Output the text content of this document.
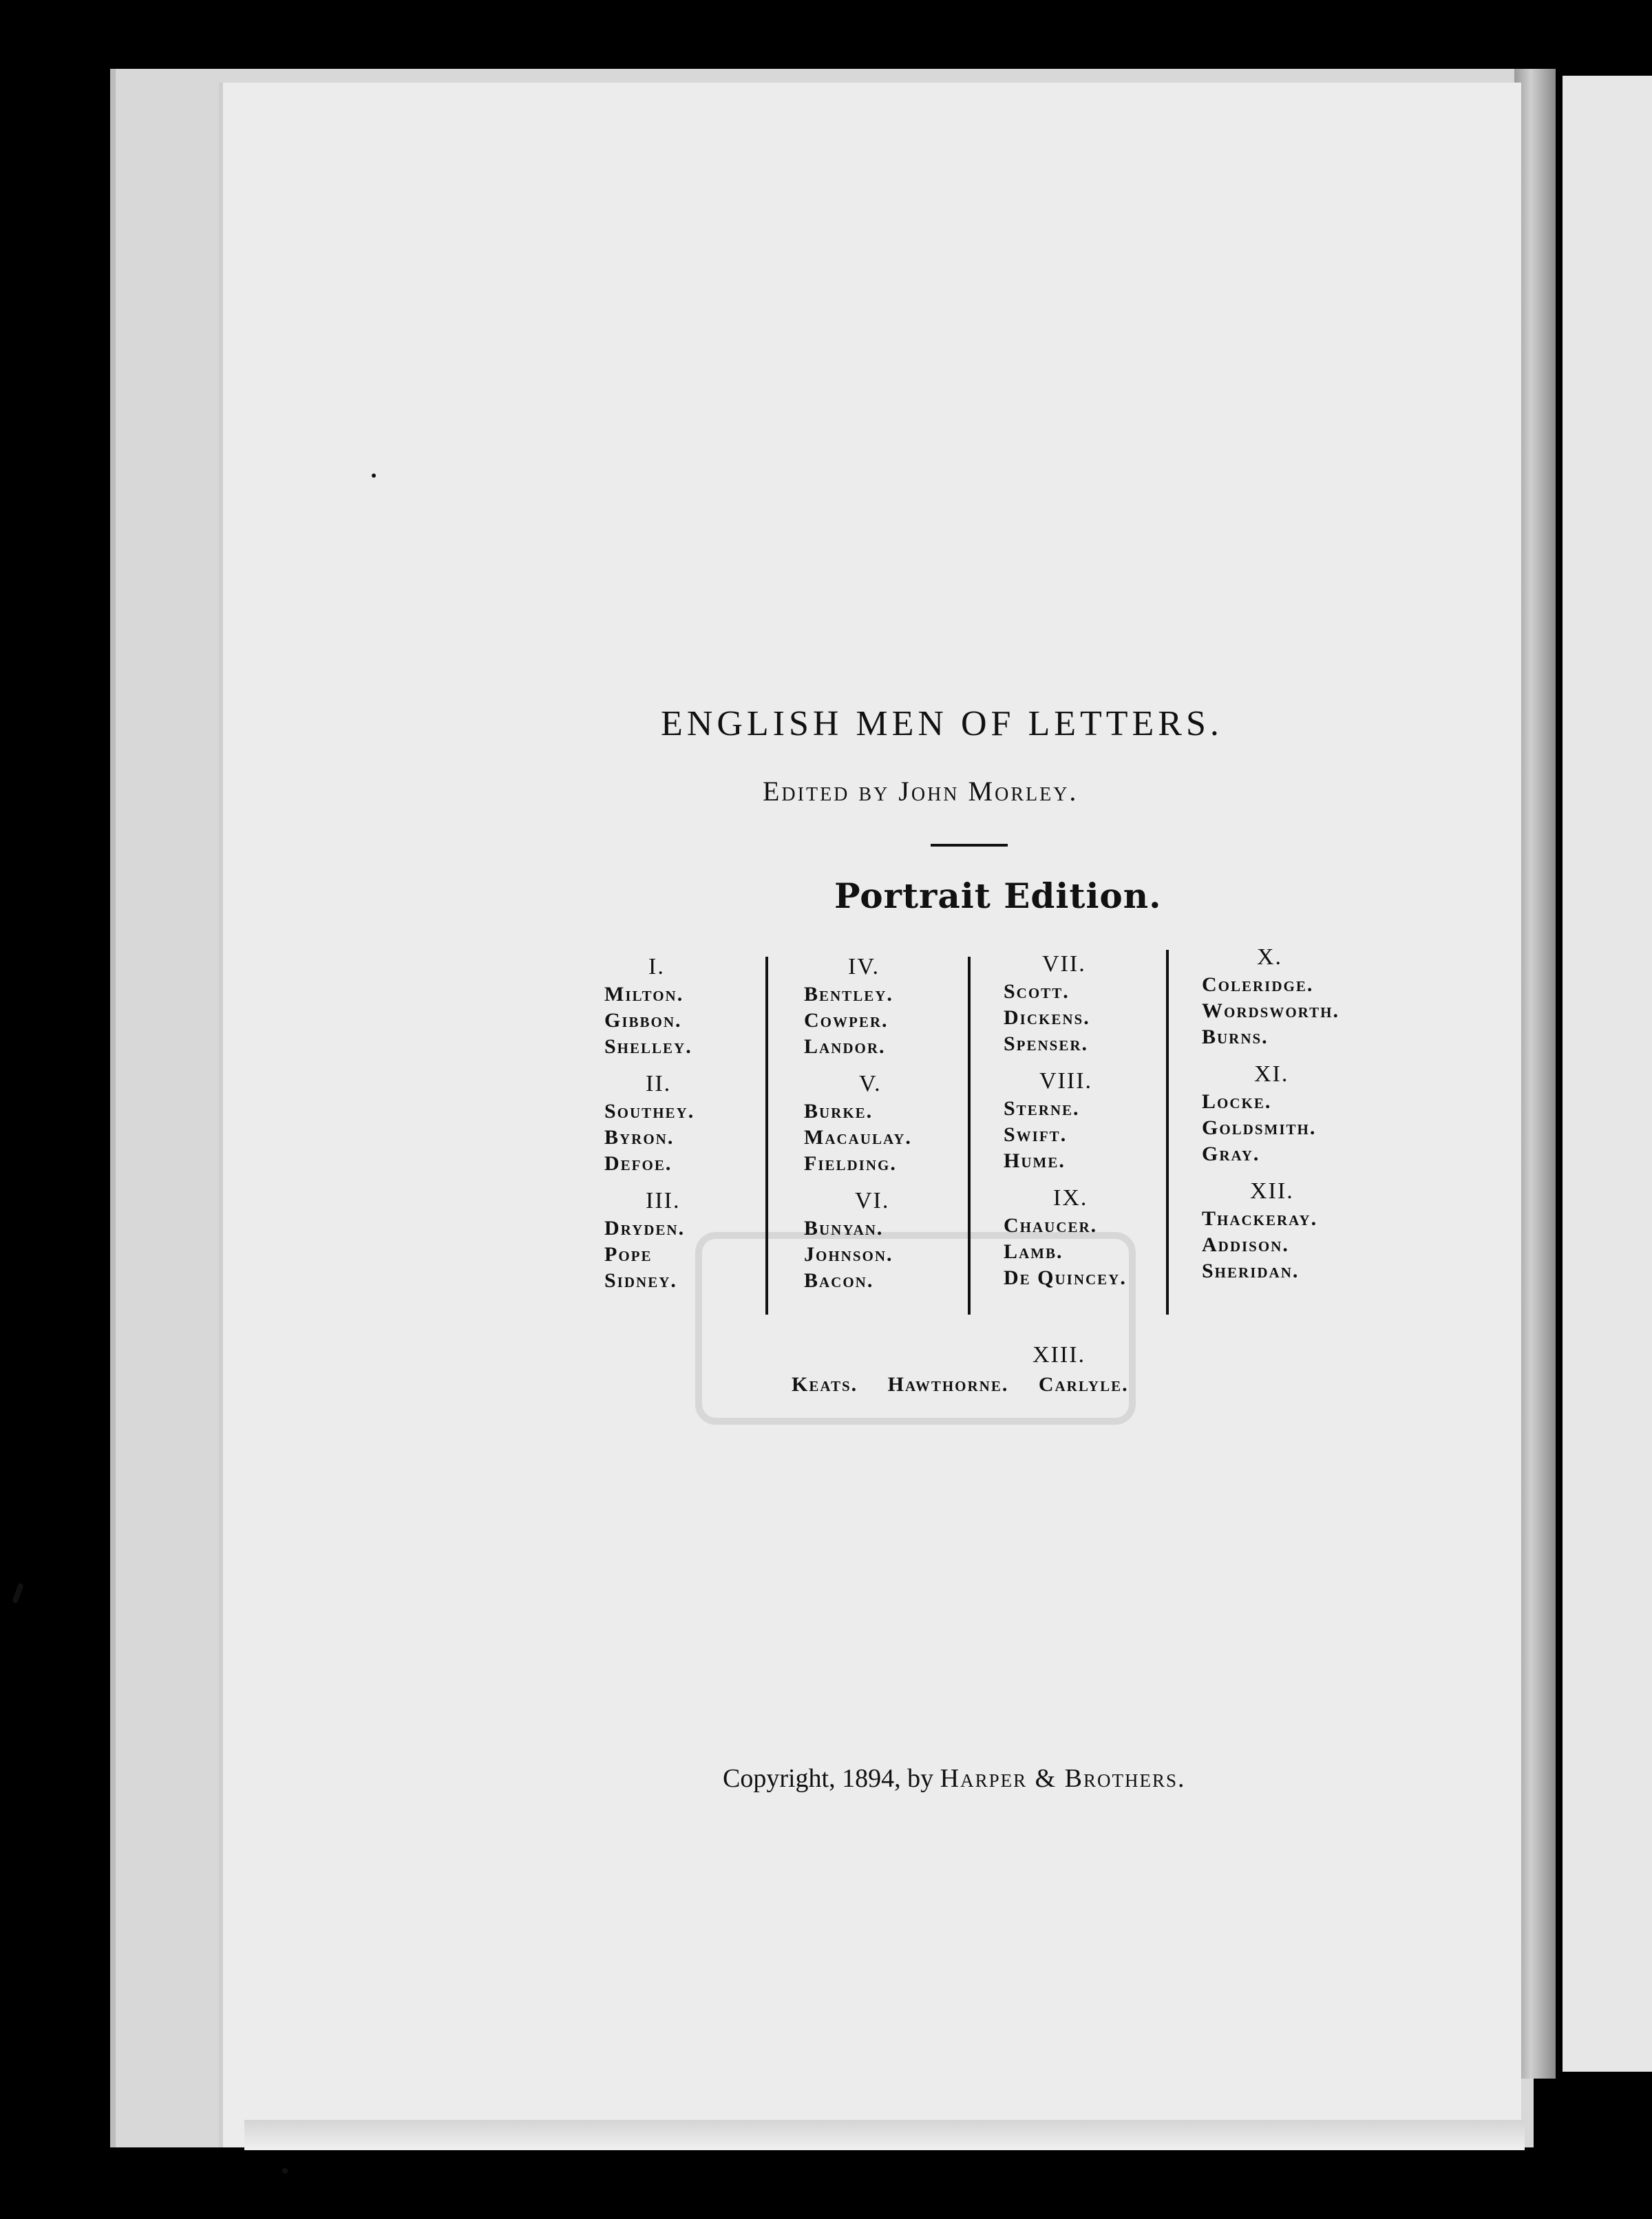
ENGLISH MEN OF LETTERS.
Edited by John Morley.
Portrait Edition.
I.
Milton.
Gibbon.
Shelley.
II.
Southey.
Byron.
Defoe.
III.
Dryden.
Pope
Sidney.
IV.
Bentley.
Cowper.
Landor.
V.
Burke.
Macaulay.
Fielding.
VI.
Bunyan.
Johnson.
Bacon.
VII.
Scott.
Dickens.
Spenser.
VIII.
Sterne.
Swift.
Hume.
IX.
Chaucer.
Lamb.
De Quincey.
X.
Coleridge.
Wordsworth.
Burns.
XI.
Locke.
Goldsmith.
Gray.
XII.
Thackeray.
Addison.
Sheridan.
XIII.
Keats. Hawthorne. Carlyle.
Copyright, 1894, by Harper & Brothers.
